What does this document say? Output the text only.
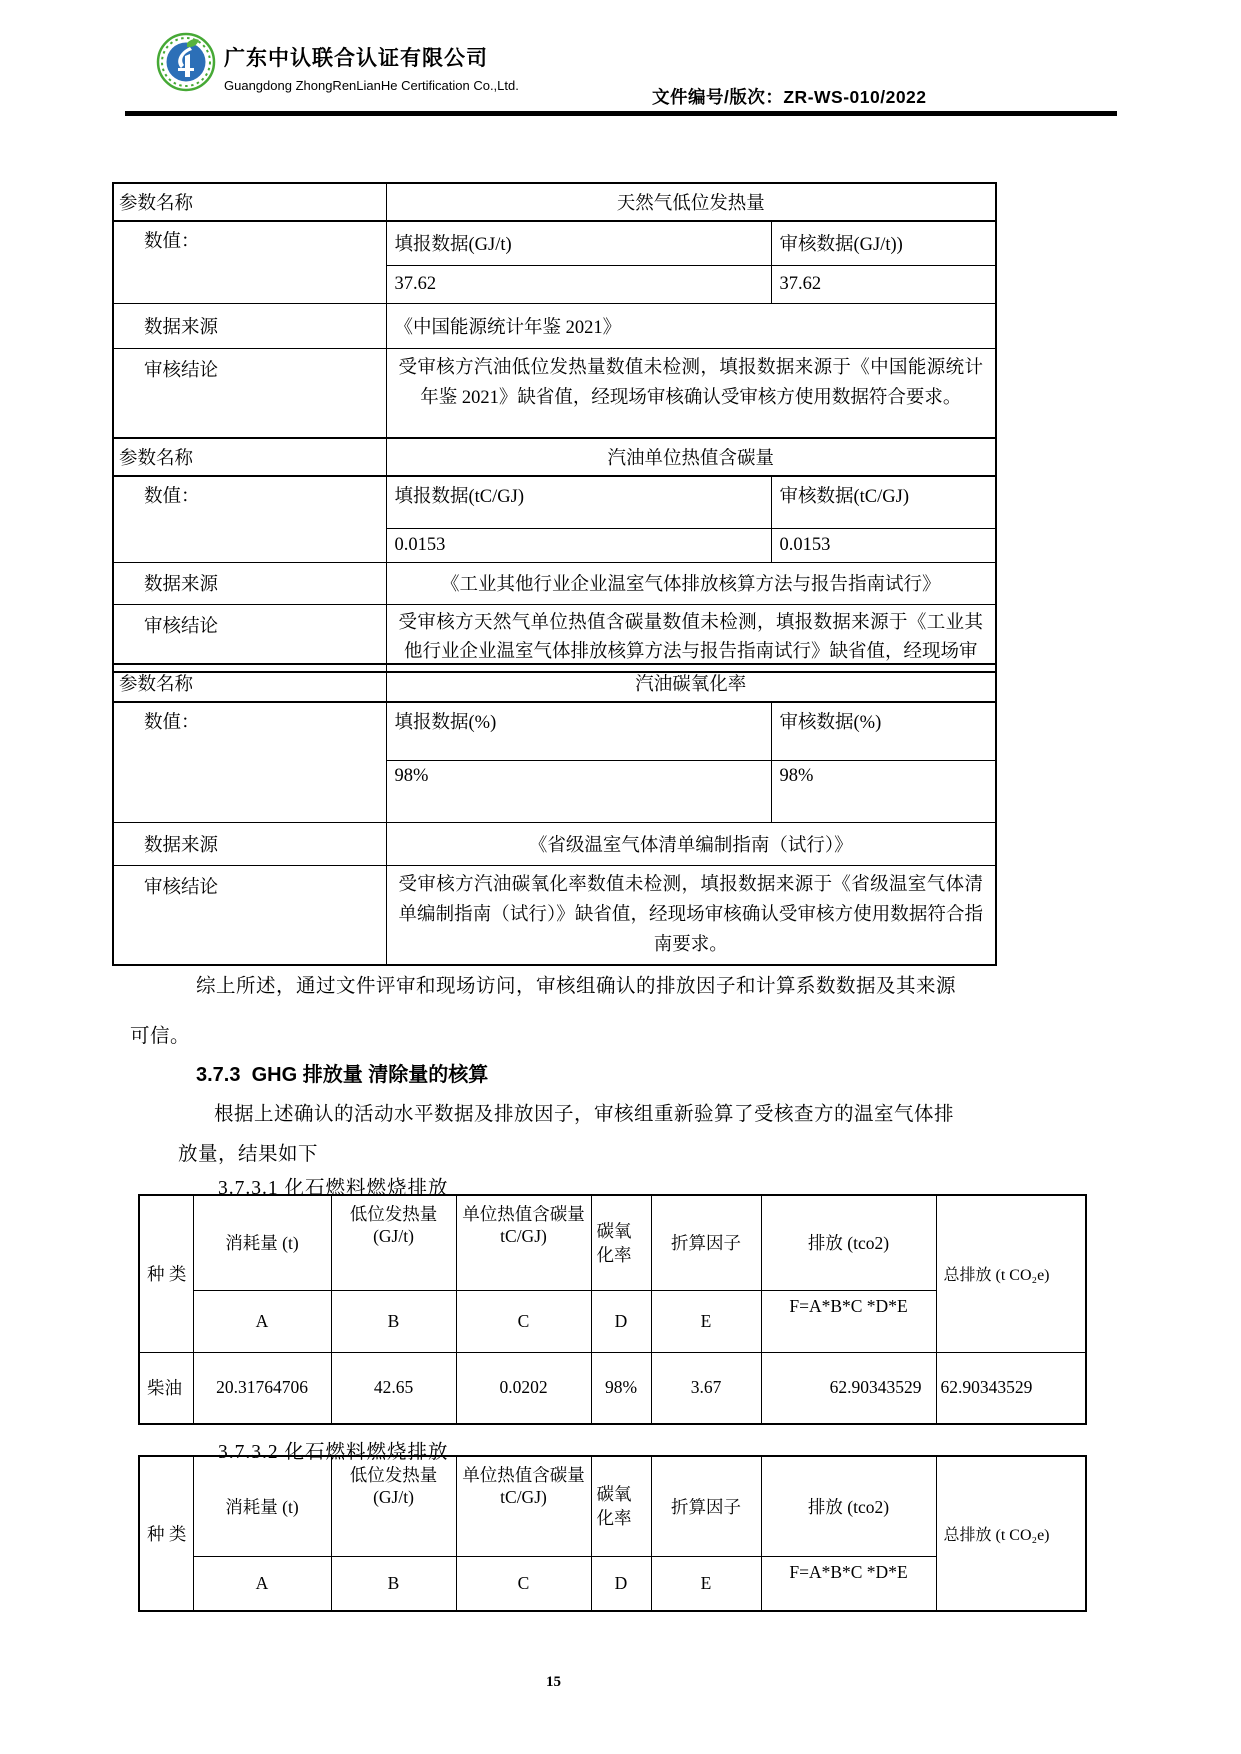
广东中认联合认证有限公司
Guangdong ZhongRenLianHe Certification Co.,Ltd.
文件编号/版次：ZR-WS-010/2022
参数名称	天然气低位发热量	
数值：	填报数据(GJ/t)	审核数据(GJ/t))
	37.62	37.62
数据来源	《中国能源统计年鉴 2021》	
审核结论	受审核方汽油低位发热量数值未检测，填报数据来源于《中国能源统计年鉴 2021》缺省值，经现场审核确认受审核方使用数据符合要求。	
参数名称	汽油单位热值含碳量	
数值：	填报数据(tC/GJ)	审核数据(tC/GJ)
	0.0153	0.0153
数据来源	《工业其他行业企业温室气体排放核算方法与报告指南试行》	
审核结论	受审核方天然气单位热值含碳量数值未检测，填报数据来源于《工业其他行业企业温室气体排放核算方法与报告指南试行》缺省值，经现场审	
参数名称	汽油碳氧化率	
数值：	填报数据(%)	审核数据(%)
	98%	98%
数据来源	《省级温室气体清单编制指南（试行）》	
审核结论	受审核方汽油碳氧化率数值未检测，填报数据来源于《省级温室气体清单编制指南（试行）》缺省值，经现场审核确认受审核方使用数据符合指南要求。	
综上所述，通过文件评审和现场访问，审核组确认的排放因子和计算系数数据及其来源
可信。
3.7.3  GHG 排放量 清除量的核算
根据上述确认的活动水平数据及排放因子，审核组重新验算了受核查方的温室气体排
放量，结果如下
3.7.3.1 化石燃料燃烧排放
种 类	消耗量 (t)	低位发热量 (GJ/t)	单位热值含碳量 tC/GJ)	碳氧化率	折算因子	排放 (tco2)	总排放 (t CO₂e)
	A	B	C	D	E	F=A*B*C *D*E	
柴油	20.31764706	42.65	0.0202	98%	3.67	62.90343529	62.90343529
3.7.3.2 化石燃料燃烧排放
种 类	消耗量 (t)	低位发热量 (GJ/t)	单位热值含碳量 tC/GJ)	碳氧化率	折算因子	排放 (tco2)	总排放 (t CO₂e)
	A	B	C	D	E	F=A*B*C *D*E	
15
